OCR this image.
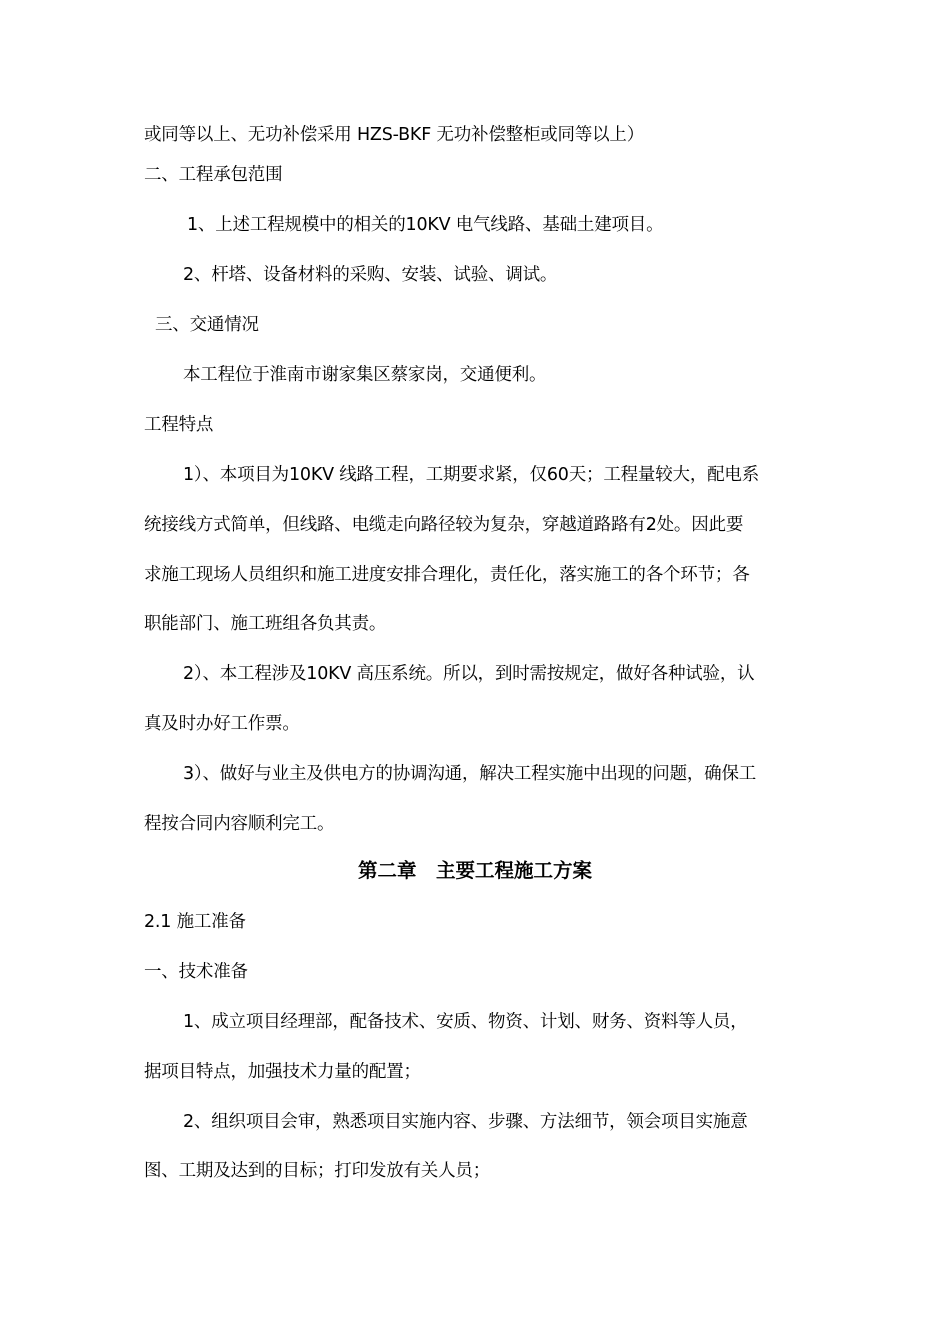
或同等以上、无功补偿采用 HZS-BKF 无功补偿整柜或同等以上）
二、工程承包范围
1、上述工程规模中的相关的10KV 电气线路、基础土建项目。
2、杆塔、设备材料的采购、安装、试验、调试。
三、交通情况
本工程位于淮南市谢家集区蔡家岗，交通便利。
工程特点
1）、本项目为10KV 线路工程，工期要求紧，仅60天；工程量较大，配电系
统接线方式简单，但线路、电缆走向路径较为复杂，穿越道路路有2处。因此要
求施工现场人员组织和施工进度安排合理化，责任化，落实施工的各个环节；各
职能部门、施工班组各负其责。
2）、本工程涉及10KV 高压系统。所以，到时需按规定，做好各种试验，认
真及时办好工作票。
3）、做好与业主及供电方的协调沟通，解决工程实施中出现的问题，确保工
程按合同内容顺利完工。
第二章　主要工程施工方案
2.1 施工准备
一、技术准备
1、成立项目经理部，配备技术、安质、物资、计划、财务、资料等人员，
据项目特点，加强技术力量的配置；
2、组织项目会审，熟悉项目实施内容、步骤、方法细节，领会项目实施意
图、工期及达到的目标；打印发放有关人员；
